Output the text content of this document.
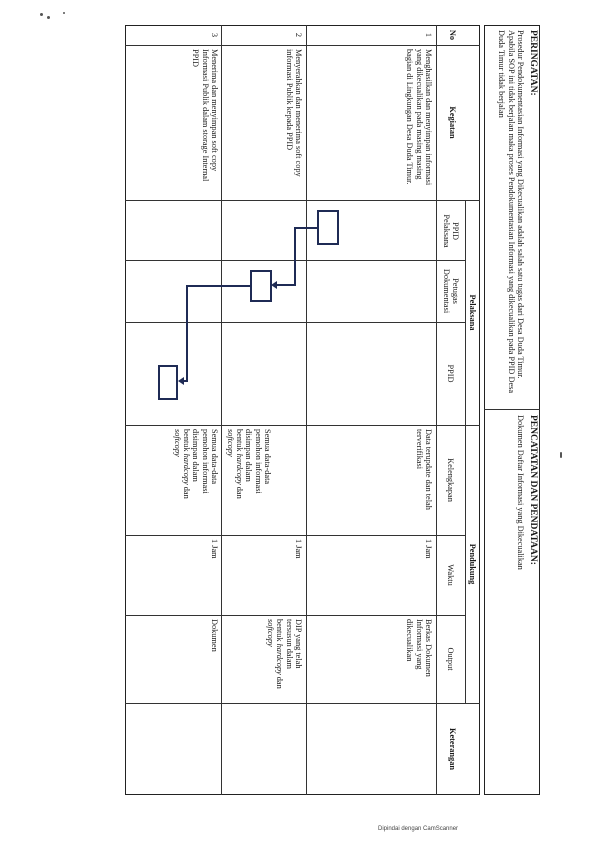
PERINGATAN:
Prosedur Pendokumentasian Informasi yang Dikecualikan adalah salah satu tugas dari Desa Duda Timur. Apabila SOP ini tidak berjalan maka proses Pendokumentasian Informasi yang dikecualikan pada PPID Desa Duda Timur tidak berjalan
PENCATATAN DAN PENDATAAN:
Dokumen Daftar Informasi yang Dikecualikan
No
Kegiatan
Pelaksana
Pendukung
Keterangan
PPID Pelaksana
Petugas Dokumentasi
PPID
Kelengkapan
Waktu
Output
1
Menghasilkan dan menyimpan informasi yang dikecualikan pada masing masing bagian di Lingkungan Desa Duda Timur.
Data terupdate dan telah terverifikasi
1 Jam
Berkas Dokumen Informasi yang dikecualikan
2
Menyerahkan dan menerima soft copy informasi Publik kepada PPID
Semua data-data pemohon informasi disimpan dalam bentuk hardcopy dan softcopy
1 Jam
DIP yang telah tersusun dalam bentuk hardcopy dan softcopy
3
Menerima dan menyimpan soft copy Informasi Publik dalam storage Internal PPID
Semua data-data pemohon informasi disimpan dalam bentuk hardcopy dan softcopy
1 Jam
Dokumen
Dipindai dengan CamScanner
